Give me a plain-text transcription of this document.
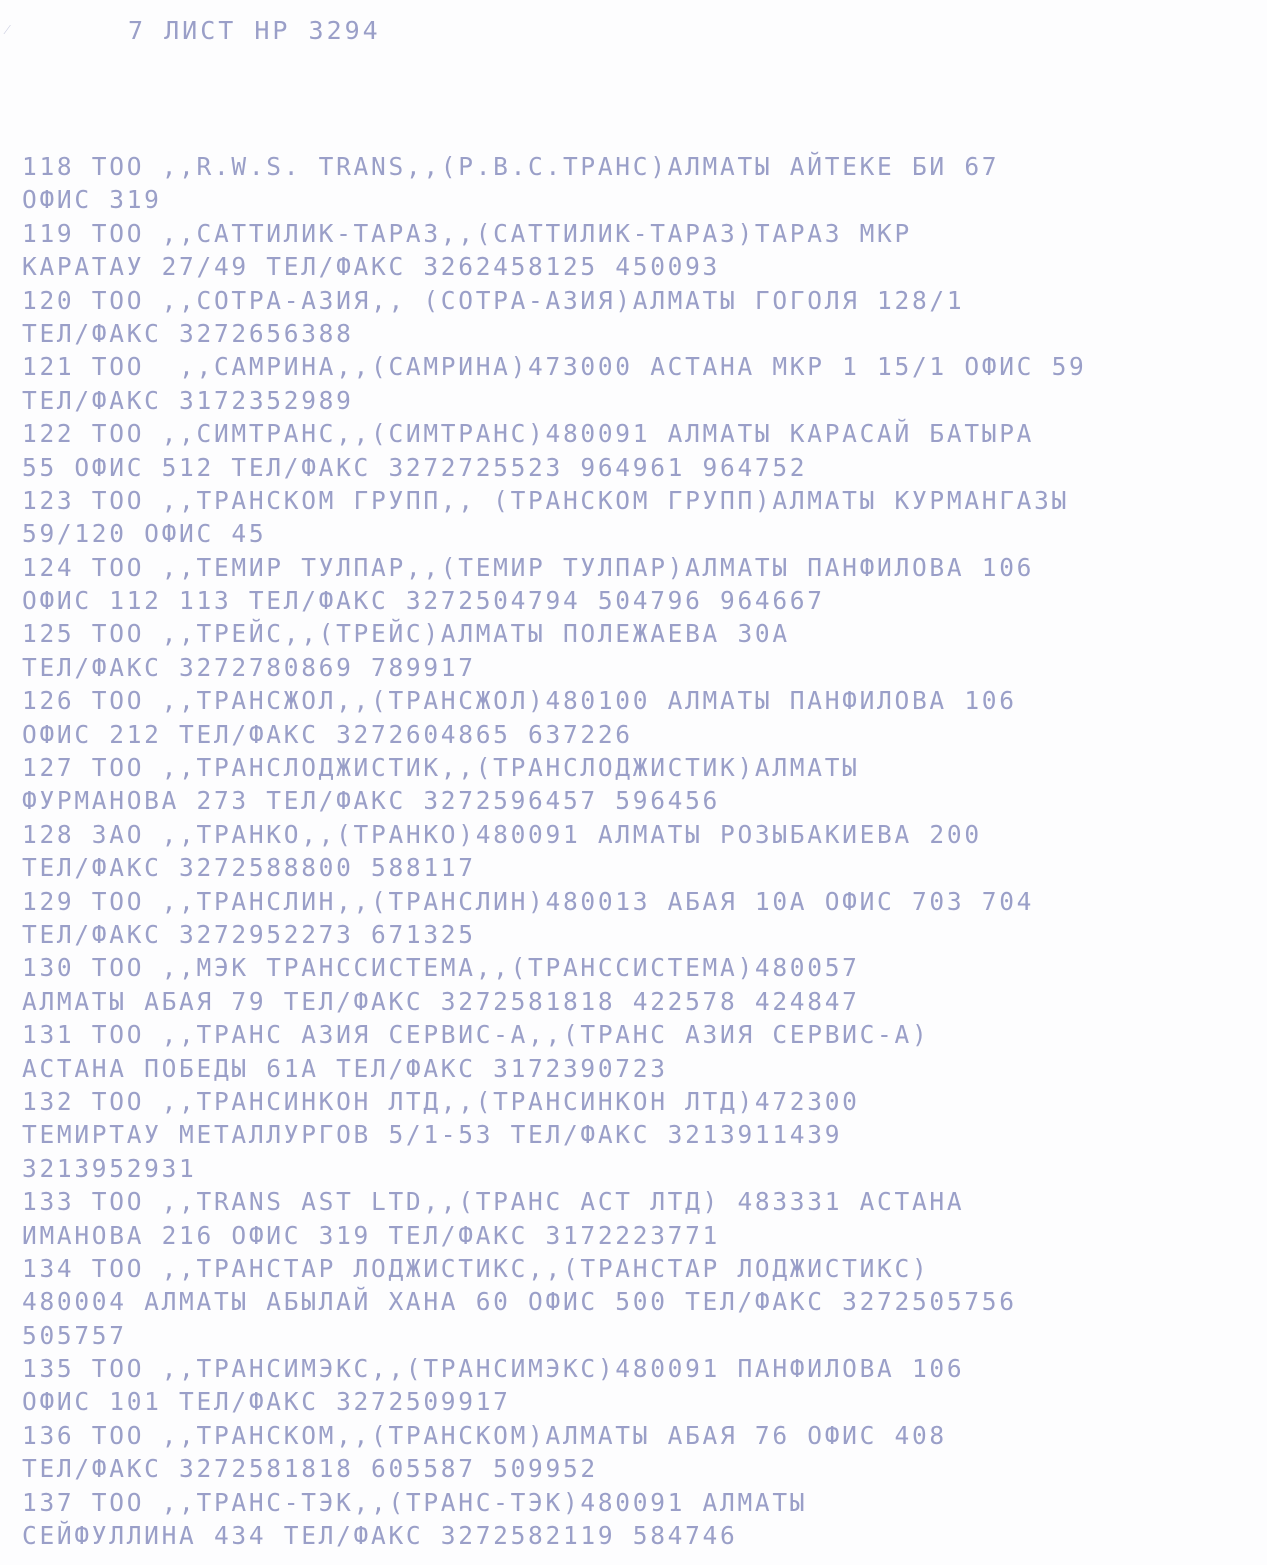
⁄	7 ЛИСТ НР 3294
118 ТОО ,,R.W.S. TRANS,,(Р.В.С.ТРАНС)АЛМАТЫ АЙТЕКЕ БИ 67
ОФИС 319
119 ТОО ,,САТТИЛИК-ТАРАЗ,,(САТТИЛИК-ТАРАЗ)ТАРАЗ МКР
КАРАТАУ 27/49 ТЕЛ/ФАКС 3262458125 450093
120 ТОО ,,СОТРА-АЗИЯ,, (СОТРА-АЗИЯ)АЛМАТЫ ГОГОЛЯ 128/1
ТЕЛ/ФАКС 3272656388
121 ТОО  ,,САМРИНА,,(САМРИНА)473000 АСТАНА МКР 1 15/1 ОФИС 59
ТЕЛ/ФАКС 3172352989
122 ТОО ,,СИМТРАНС,,(СИМТРАНС)480091 АЛМАТЫ КАРАСАЙ БАТЫРА
55 ОФИС 512 ТЕЛ/ФАКС 3272725523 964961 964752
123 ТОО ,,ТРАНСКОМ ГРУПП,, (ТРАНСКОМ ГРУПП)АЛМАТЫ КУРМАНГАЗЫ
59/120 ОФИС 45
124 ТОО ,,ТЕМИР ТУЛПАР,,(ТЕМИР ТУЛПАР)АЛМАТЫ ПАНФИЛОВА 106
ОФИС 112 113 ТЕЛ/ФАКС 3272504794 504796 964667
125 ТОО ,,ТРЕЙС,,(ТРЕЙС)АЛМАТЫ ПОЛЕЖАЕВА 30А
ТЕЛ/ФАКС 3272780869 789917
126 ТОО ,,ТРАНСЖОЛ,,(ТРАНСЖОЛ)480100 АЛМАТЫ ПАНФИЛОВА 106
ОФИС 212 ТЕЛ/ФАКС 3272604865 637226
127 ТОО ,,ТРАНСЛОДЖИСТИК,,(ТРАНСЛОДЖИСТИК)АЛМАТЫ
ФУРМАНОВА 273 ТЕЛ/ФАКС 3272596457 596456
128 ЗАО ,,ТРАНКО,,(ТРАНКО)480091 АЛМАТЫ РОЗЫБАКИЕВА 200
ТЕЛ/ФАКС 3272588800 588117
129 ТОО ,,ТРАНСЛИН,,(ТРАНСЛИН)480013 АБАЯ 10А ОФИС 703 704
ТЕЛ/ФАКС 3272952273 671325
130 ТОО ,,МЭК ТРАНССИСТЕМА,,(ТРАНССИСТЕМА)480057
АЛМАТЫ АБАЯ 79 ТЕЛ/ФАКС 3272581818 422578 424847
131 ТОО ,,ТРАНС АЗИЯ СЕРВИС-А,,(ТРАНС АЗИЯ СЕРВИС-А)
АСТАНА ПОБЕДЫ 61А ТЕЛ/ФАКС 3172390723
132 ТОО ,,ТРАНСИНКОН ЛТД,,(ТРАНСИНКОН ЛТД)472300
ТЕМИРТАУ МЕТАЛЛУРГОВ 5/1-53 ТЕЛ/ФАКС 3213911439
3213952931
133 ТОО ,,TRANS AST LTD,,(ТРАНС АСТ ЛТД) 483331 АСТАНА
ИМАНОВА 216 ОФИС 319 ТЕЛ/ФАКС 3172223771
134 ТОО ,,ТРАНСТАР ЛОДЖИСТИКС,,(ТРАНСТАР ЛОДЖИСТИКС)
480004 АЛМАТЫ АБЫЛАЙ ХАНА 60 ОФИС 500 ТЕЛ/ФАКС 3272505756
505757
135 ТОО ,,ТРАНСИМЭКС,,(ТРАНСИМЭКС)480091 ПАНФИЛОВА 106
ОФИС 101 ТЕЛ/ФАКС 3272509917
136 ТОО ,,ТРАНСКОМ,,(ТРАНСКОМ)АЛМАТЫ АБАЯ 76 ОФИС 408
ТЕЛ/ФАКС 3272581818 605587 509952
137 ТОО ,,ТРАНС-ТЭК,,(ТРАНС-ТЭК)480091 АЛМАТЫ
СЕЙФУЛЛИНА 434 ТЕЛ/ФАКС 3272582119 584746
